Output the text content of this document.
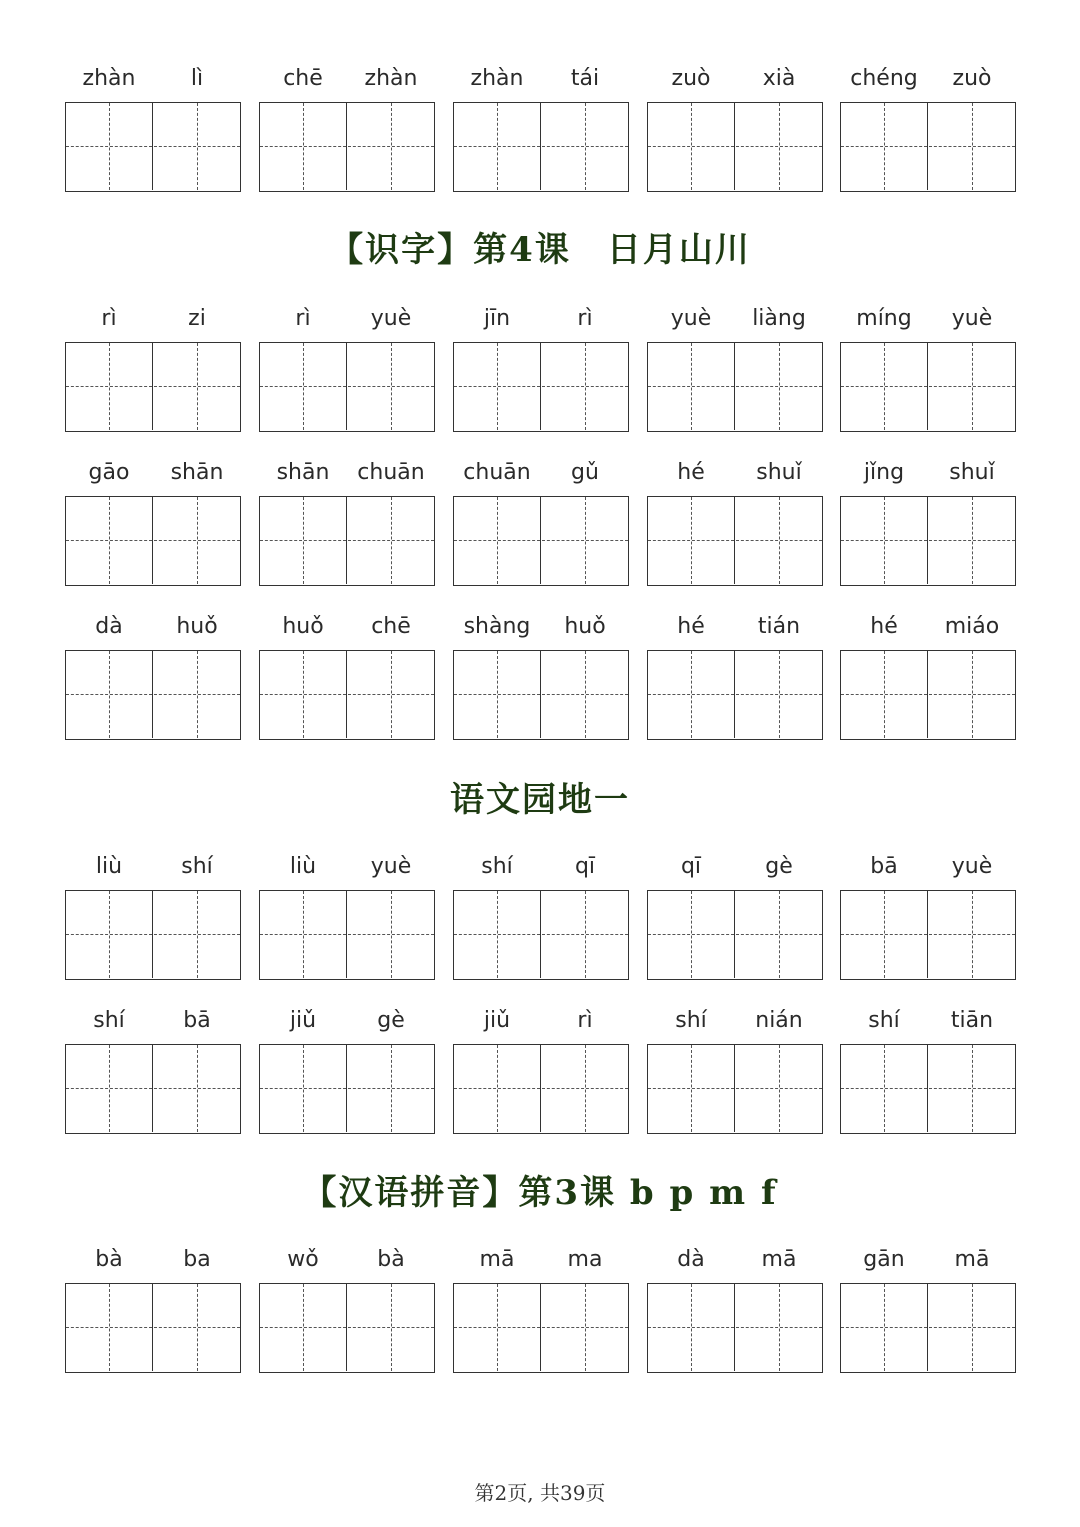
【识字】第4课　日月山川
语文园地一
【汉语拼音】第3课 b p m f
第2页, 共39页
zhàn	lì	chē	zhàn	zhàn	tái	zuò	xià	chéng	zuò
rì	zi	rì	yuè	jīn	rì	yuè	liàng	míng	yuè
gāo	shān	shān	chuān	chuān	gǔ	hé	shuǐ	jǐng	shuǐ
dà	huǒ	huǒ	chē	shàng	huǒ	hé	tián	hé	miáo
liù	shí	liù	yuè	shí	qī	qī	gè	bā	yuè
shí	bā	jiǔ	gè	jiǔ	rì	shí	nián	shí	tiān
bà	ba	wǒ	bà	mā	ma	dà	mā	gān	mā
